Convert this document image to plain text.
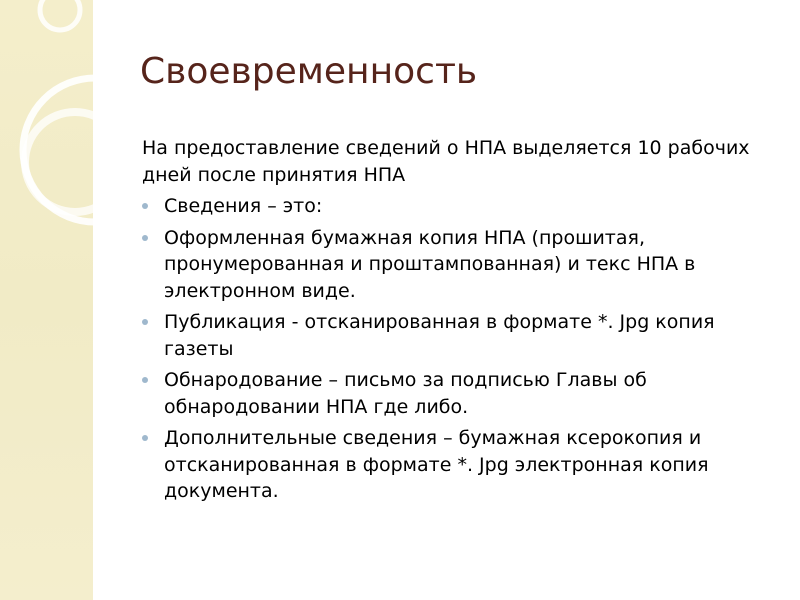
Своевременность

На предоставление сведений о НПА выделяется 10 рабочих дней после принятия НПА

Сведения – это:
Оформленная бумажная копия НПА (прошитая, пронумерованная и проштампованная) и текс НПА в электронном виде.
Публикация - отсканированная в формате *. Jpg копия газеты
Обнародование – письмо за подписью Главы об обнародовании НПА где либо.
Дополнительные сведения – бумажная ксерокопия и отсканированная в формате *. Jpg электронная копия документа.
